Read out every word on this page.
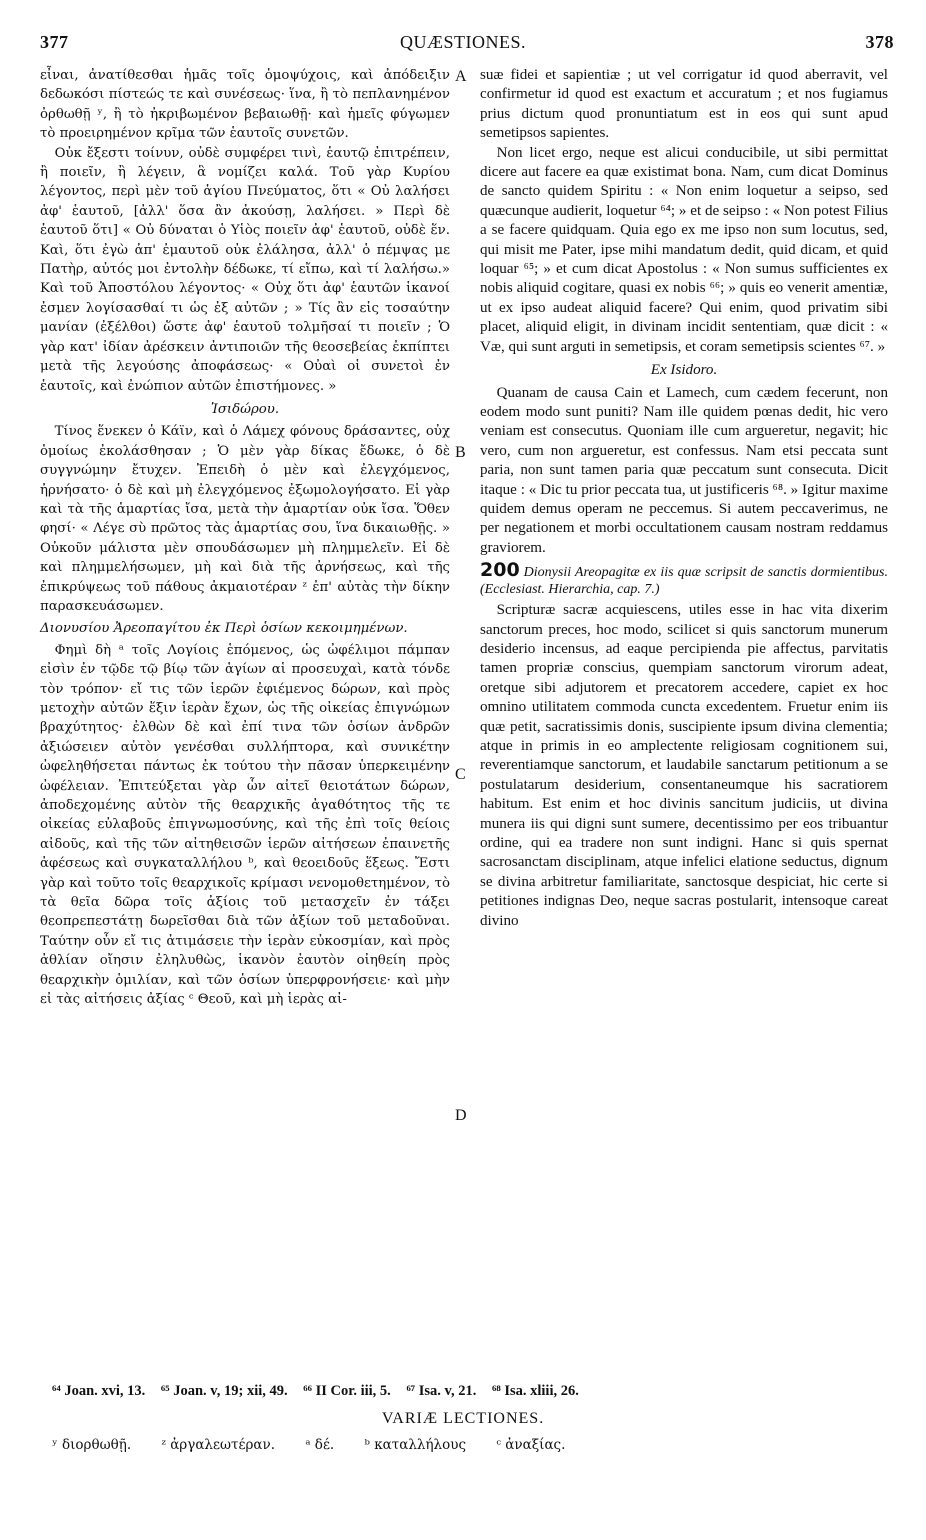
377	QUÆSTIONES.	378

εἶναι, ἀνατίθεσθαι ἡμᾶς τοῖς ὁμοψύχοις, καὶ ἀπόδειξιν δεδωκόσι πίστεώς τε καὶ συνέσεως· ἵνα, ἢ τὸ πεπλανημένον ὀρθωθῇ ʸ, ἢ τὸ ἠκριβωμένον βεβαιωθῇ· καὶ ἡμεῖς φύγωμεν τὸ προειρημένον κρῖμα τῶν ἑαυτοῖς συνετῶν.

Οὐκ ἔξεστι τοίνυν, οὐδὲ συμφέρει τινὶ, ἑαυτῷ ἐπιτρέπειν, ἢ ποιεῖν, ἢ λέγειν, ἃ νομίζει καλά. Τοῦ γὰρ Κυρίου λέγοντος, περὶ μὲν τοῦ ἁγίου Πνεύματος, ὅτι « Οὐ λαλήσει ἀφ' ἑαυτοῦ, [ἀλλ' ὅσα ἂν ἀκούσῃ, λαλήσει. » Περὶ δὲ ἑαυτοῦ ὅτι] « Οὐ δύναται ὁ Υἱὸς ποιεῖν ἀφ' ἑαυτοῦ, οὐδὲ ἕν. Καὶ, ὅτι ἐγὼ ἀπ' ἐμαυτοῦ οὐκ ἐλάλησα, ἀλλ' ὁ πέμψας με Πατὴρ, αὐτός μοι ἐντολὴν δέδωκε, τί εἴπω, καὶ τί λαλήσω.» Καὶ τοῦ Ἀποστόλου λέγοντος· « Οὐχ ὅτι ἀφ' ἑαυτῶν ἱκανοί ἐσμεν λογίσασθαί τι ὡς ἐξ αὐτῶν ; » Τίς ἂν εἰς τοσαύτην μανίαν (ἐξέλθοι) ὥστε ἀφ' ἑαυτοῦ τολμῆσαί τι ποιεῖν ; Ὁ γὰρ κατ' ἰδίαν ἀρέσκειν ἀντιποιῶν τῆς θεοσεβείας ἐκπίπτει μετὰ τῆς λεγούσης ἀποφάσεως· « Οὐαὶ οἱ συνετοὶ ἐν ἑαυτοῖς, καὶ ἐνώπιον αὐτῶν ἐπιστήμονες. »

Ἰσιδώρου.

Τίνος ἕνεκεν ὁ Κάϊν, καὶ ὁ Λάμεχ φόνους δράσαντες, οὐχ ὁμοίως ἐκολάσθησαν ; Ὁ μὲν γὰρ δίκας ἔδωκε, ὁ δὲ συγγνώμην ἔτυχεν. Ἐπειδὴ ὁ μὲν καὶ ἐλεγχόμενος, ἠρνήσατο· ὁ δὲ καὶ μὴ ἐλεγχόμενος ἐξωμολογήσατο. Εἰ γὰρ καὶ τὰ τῆς ἁμαρτίας ἴσα, μετὰ τὴν ἁμαρτίαν οὐκ ἴσα. Ὅθεν φησί· « Λέγε σὺ πρῶτος τὰς ἁμαρτίας σου, ἵνα δικαιωθῇς. » Οὐκοῦν μάλιστα μὲν σπουδάσωμεν μὴ πλημμελεῖν. Εἰ δὲ καὶ πλημμελήσωμεν, μὴ καὶ διὰ τῆς ἀρνήσεως, καὶ τῆς ἐπικρύψεως τοῦ πάθους ἀκμαιοτέραν ᶻ ἐπ' αὐτὰς τὴν δίκην παρασκευάσωμεν.

Διονυσίου Ἀρεοπαγίτου ἐκ Περὶ ὁσίων κεκοιμημένων.

Φημὶ δὴ ᵃ τοῖς Λογίοις ἑπόμενος, ὡς ὠφέλιμοι πάμπαν εἰσὶν ἐν τῷδε τῷ βίῳ τῶν ἁγίων αἱ προσευχαὶ, κατὰ τόνδε τὸν τρόπον· εἴ τις τῶν ἱερῶν ἐφιέμενος δώρων, καὶ πρὸς μετοχὴν αὐτῶν ἕξιν ἱερὰν ἔχων, ὡς τῆς οἰκείας ἐπιγνώμων βραχύτητος· ἐλθὼν δὲ καὶ ἐπί τινα τῶν ὁσίων ἀνδρῶν ἀξιώσειεν αὐτὸν γενέσθαι συλλήπτορα, καὶ συνικέτην ὠφεληθήσεται πάντως ἐκ τούτου τὴν πᾶσαν ὑπερκειμένην ὠφέλειαν. Ἐπιτεύξεται γὰρ ὧν αἰτεῖ θειοτάτων δώρων, ἀποδεχομένης αὐτὸν τῆς θεαρχικῆς ἀγαθότητος τῆς τε οἰκείας εὐλαβοῦς ἐπιγνωμοσύνης, καὶ τῆς ἐπὶ τοῖς θείοις αἰδοῦς, καὶ τῆς τῶν αἰτηθεισῶν ἱερῶν αἰτήσεων ἐπαινετῆς ἀφέσεως καὶ συγκαταλλήλου ᵇ, καὶ θεοειδοῦς ἕξεως. Ἔστι γὰρ καὶ τοῦτο τοῖς θεαρχικοῖς κρίμασι νενομοθετημένον, τὸ τὰ θεῖα δῶρα τοῖς ἀξίοις τοῦ μετασχεῖν ἐν τάξει θεοπρεπεστάτῃ δωρεῖσθαι διὰ τῶν ἀξίων τοῦ μεταδοῦναι. Ταύτην οὖν εἴ τις ἀτιμάσειε τὴν ἱερὰν εὐκοσμίαν, καὶ πρὸς ἀθλίαν οἴησιν ἐληλυθὼς, ἱκανὸν ἑαυτὸν οἰηθείη πρὸς θεαρχικὴν ὁμιλίαν, καὶ τῶν ὁσίων ὑπερφρονήσειε· καὶ μὴν εἰ τὰς αἰτήσεις ἀξίας ᶜ Θεοῦ, καὶ μὴ ἱερὰς αἰ-

A
B
C
D

suæ fidei et sapientiæ ; ut vel corrigatur id quod aberravit, vel confirmetur id quod est exactum et accuratum ; et nos fugiamus prius dictum quod pronuntiatum est in eos qui sunt apud semetipsos sapientes.

Non licet ergo, neque est alicui conducibile, ut sibi permittat dicere aut facere ea quæ existimat bona. Nam, cum dicat Dominus de sancto quidem Spiritu : « Non enim loquetur a seipso, sed quæcunque audierit, loquetur ⁶⁴; » et de seipso : « Non potest Filius a se facere quidquam. Quia ego ex me ipso non sum locutus, sed, qui misit me Pater, ipse mihi mandatum dedit, quid dicam, et quid loquar ⁶⁵; » et cum dicat Apostolus : « Non sumus sufficientes ex nobis aliquid cogitare, quasi ex nobis ⁶⁶; » quis eo venerit amentiæ, ut ex ipso audeat aliquid facere? Qui enim, quod privatim sibi placet, aliquid eligit, in divinam incidit sententiam, quæ dicit : « Væ, qui sunt arguti in semetipsis, et coram semetipsis scientes ⁶⁷. »

Ex Isidoro.

Quanam de causa Cain et Lamech, cum cædem fecerunt, non eodem modo sunt puniti? Nam ille quidem pœnas dedit, hic vero veniam est consecutus. Quoniam ille cum argueretur, negavit; hic vero, cum non argueretur, est confessus. Nam etsi peccata sunt paria, non sunt tamen paria quæ peccatum sunt consecuta. Dicit itaque : « Dic tu prior peccata tua, ut justificeris ⁶⁸. » Igitur maxime quidem demus operam ne peccemus. Si autem peccaverimus, ne per negationem et morbi occultationem causam nostram reddamus graviorem.

200 Dionysii Areopagitæ ex iis quæ scripsit de sanctis dormientibus. (Ecclesiast. Hierarchia, cap. 7.)

Scripturæ sacræ acquiescens, utiles esse in hac vita dixerim sanctorum preces, hoc modo, scilicet si quis sanctorum munerum desiderio incensus, ad eaque percipienda pie affectus, parvitatis tamen propriæ conscius, quempiam sanctorum virorum adeat, oretque sibi adjutorem et precatorem accedere, capiet ex hoc omnino utilitatem commoda cuncta excedentem. Fruetur enim iis quæ petit, sacratissimis donis, suscipiente ipsum divina clementia; atque in primis in eo amplectente religiosam cognitionem sui, reverentiamque sanctorum, et laudabile sanctarum petitionum a se postulatarum desiderium, consentaneumque his sacratiorem habitum. Est enim et hoc divinis sancitum judiciis, ut divina munera iis qui digni sunt sumere, decentissimo per eos tribuantur ordine, qui ea tradere non sunt indigni. Hanc si quis spernat sacrosanctam disciplinam, atque infelici elatione seductus, dignum se divina arbitretur familiaritate, sanctosque despiciat, hic certe si petitiones indignas Deo, neque sacras postularit, intensoque careat divino

⁶⁴ Joan. xvi, 13. ⁶⁵ Joan. v, 19; xii, 49. ⁶⁶ II Cor. iii, 5. ⁶⁷ Isa. v, 21. ⁶⁸ Isa. xliii, 26.
VARIÆ LECTIONES.
ʸ διορθωθῇ. ᶻ ἀργαλεωτέραν. ᵃ δέ. ᵇ καταλλήλους ᶜ ἀναξίας.
